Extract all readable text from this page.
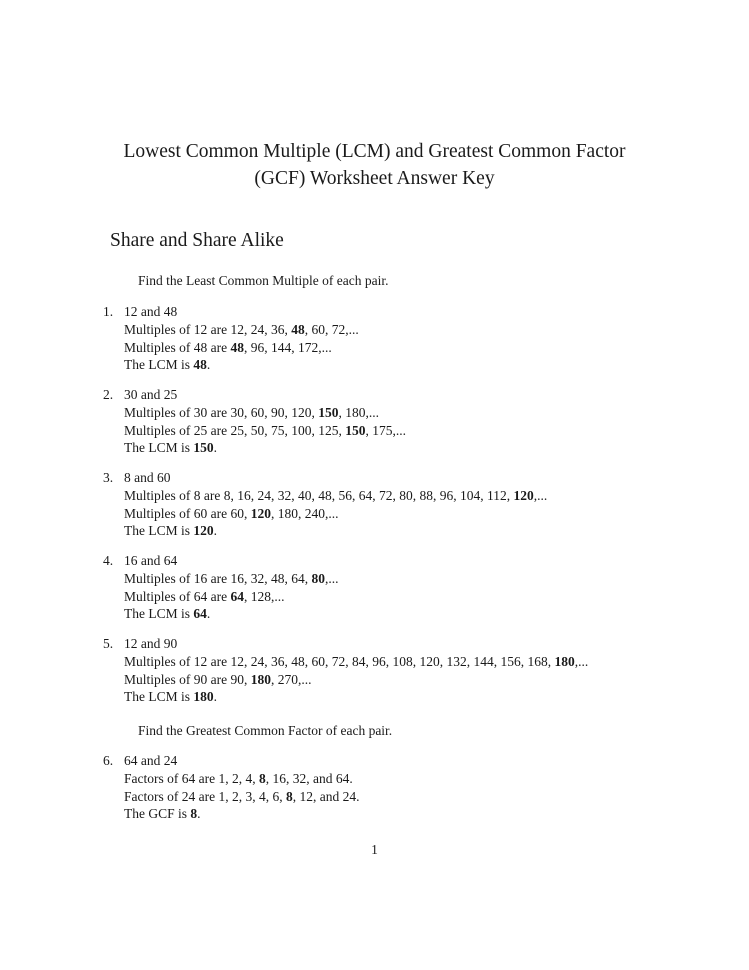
Lowest Common Multiple (LCM) and Greatest Common Factor
(GCF) Worksheet Answer Key
Share and Share Alike
Find the Least Common Multiple of each pair.
1. 12 and 48
Multiples of 12 are 12, 24, 36, 48, 60, 72,...
Multiples of 48 are 48, 96, 144, 172,...
The LCM is 48.
2. 30 and 25
Multiples of 30 are 30, 60, 90, 120, 150, 180,...
Multiples of 25 are 25, 50, 75, 100, 125, 150, 175,...
The LCM is 150.
3. 8 and 60
Multiples of 8 are 8, 16, 24, 32, 40, 48, 56, 64, 72, 80, 88, 96, 104, 112, 120,...
Multiples of 60 are 60, 120, 180, 240,...
The LCM is 120.
4. 16 and 64
Multiples of 16 are 16, 32, 48, 64, 80,...
Multiples of 64 are 64, 128,...
The LCM is 64.
5. 12 and 90
Multiples of 12 are 12, 24, 36, 48, 60, 72, 84, 96, 108, 120, 132, 144, 156, 168, 180,...
Multiples of 90 are 90, 180, 270,...
The LCM is 180.
Find the Greatest Common Factor of each pair.
6. 64 and 24
Factors of 64 are 1, 2, 4, 8, 16, 32, and 64.
Factors of 24 are 1, 2, 3, 4, 6, 8, 12, and 24.
The GCF is 8.
1
